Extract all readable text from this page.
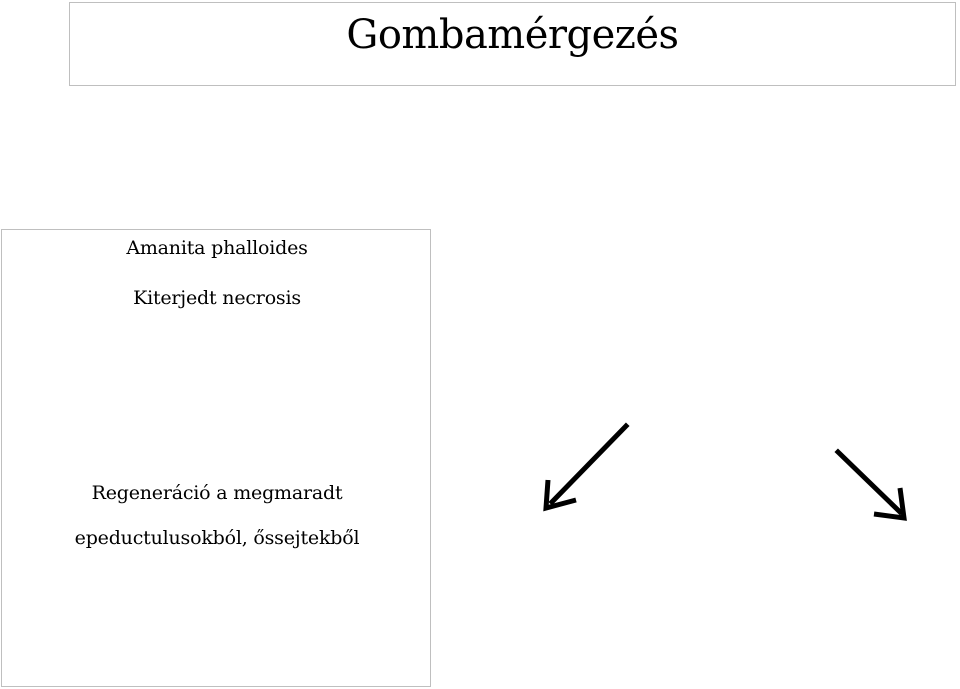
Gombamérgezés
Amanita phalloides
Kiterjedt necrosis
Regeneráció a megmaradt
epeductulusokból, őssejtekből
